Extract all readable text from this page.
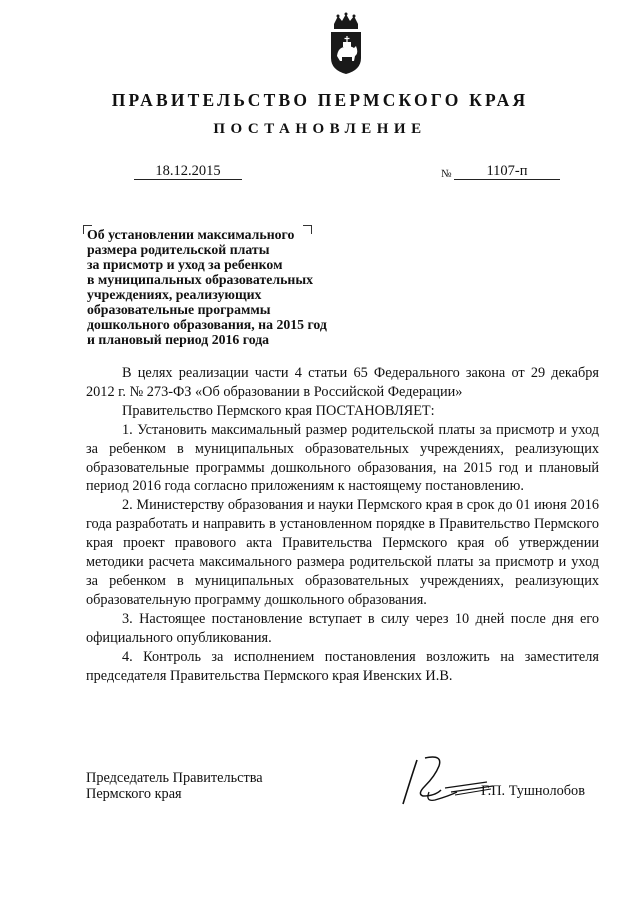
ПРАВИТЕЛЬСТВО ПЕРМСКОГО КРАЯ
ПОСТАНОВЛЕНИЕ
18.12.2015	№	1107-п
Об установлении максимального
размера родительской платы
за присмотр и уход за ребенком
в муниципальных образовательных
учреждениях, реализующих
образовательные программы
дошкольного образования, на 2015 год
и плановый период 2016 года

В целях реализации части 4 статьи 65 Федерального закона от 29 декабря 2012 г. № 273-ФЗ «Об образовании в Российской Федерации»

Правительство Пермского края ПОСТАНОВЛЯЕТ:

1. Установить максимальный размер родительской платы за присмотр и уход за ребенком в муниципальных образовательных учреждениях, реализующих образовательные программы дошкольного образования, на 2015 год и плановый период 2016 года согласно приложениям к настоящему постановлению.

2. Министерству образования и науки Пермского края в срок до 01 июня 2016 года разработать и направить в установленном порядке в Правительство Пермского края проект правового акта Правительства Пермского края об утверждении методики расчета максимального размера родительской платы за присмотр и уход за ребенком в муниципальных образовательных учреждениях, реализующих образовательную программу дошкольного образования.

3. Настоящее постановление вступает в силу через 10 дней после дня его официального опубликования.

4. Контроль за исполнением постановления возложить на заместителя председателя Правительства Пермского края Ивенских И.В.

Председатель Правительства
Пермского края	Г.П. Тушнолобов
